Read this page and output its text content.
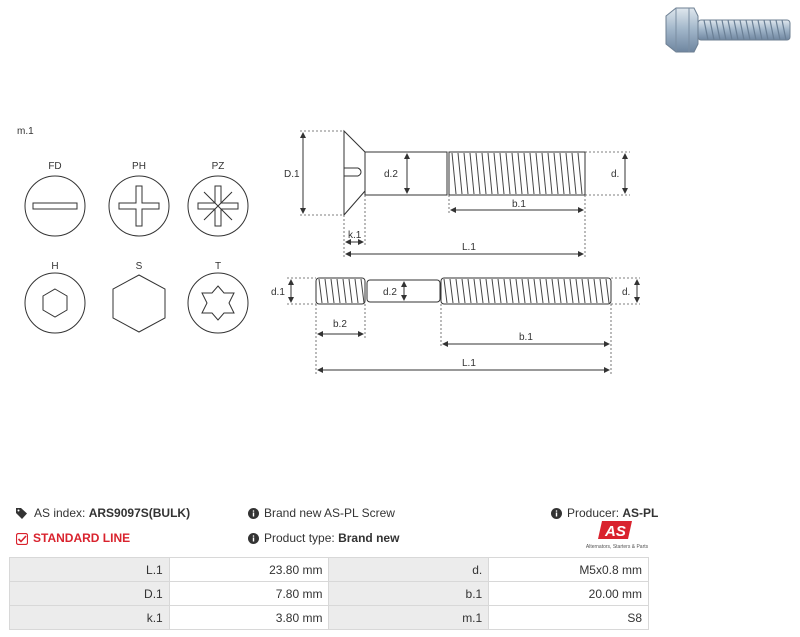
m.1
FD	PH	PZ
H	S	T
D.1	d.2	d.
b.1
k.1
L.1
d.1	d.2	d.
b.2
b.1
L.1
AS index: ARS9097S(BULK)	Brand new AS-PL Screw	Producer: AS-PL
STANDARD LINE	Product type: Brand new	AS
Alternators, Starters & Parts
L.1	23.80 mm	d.	M5x0.8 mm
D.1	7.80 mm	b.1	20.00 mm
k.1	3.80 mm	m.1	S8
